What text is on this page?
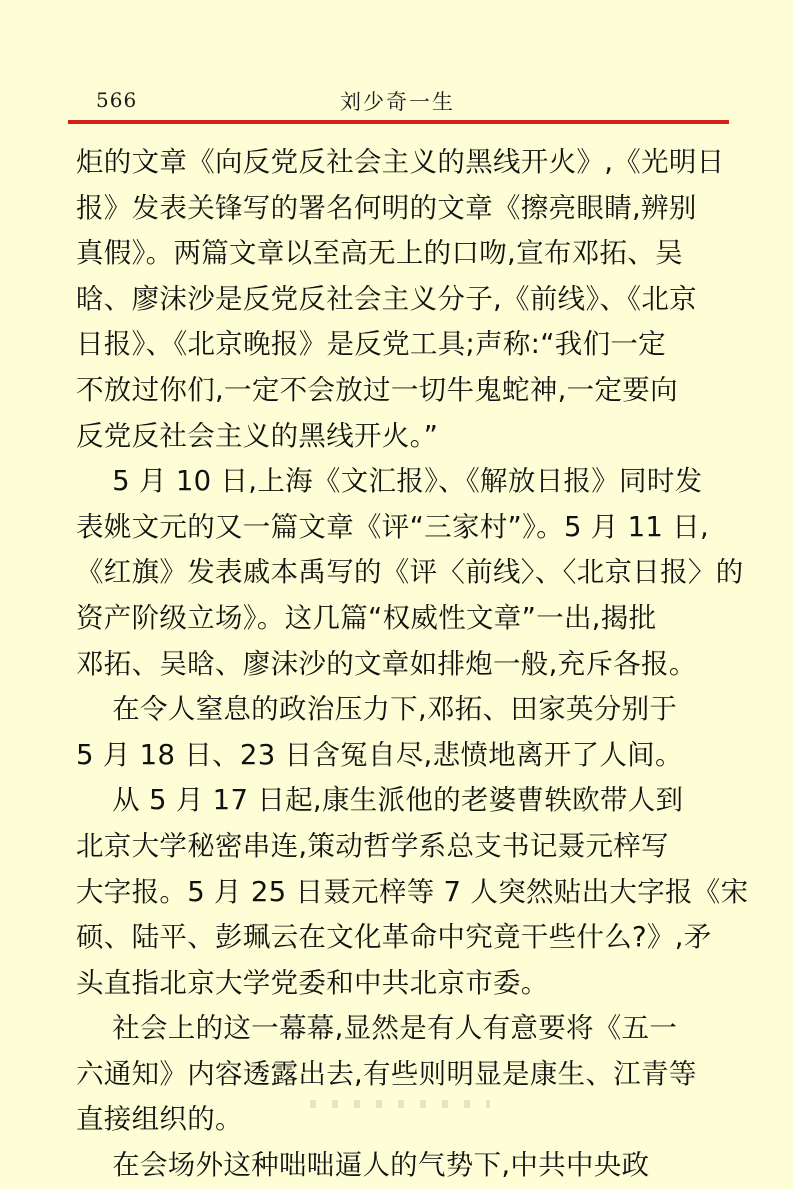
566	刘少奇一生
炬的文章《向反党反社会主义的黑线开火》,《光明日
报》发表关锋写的署名何明的文章《擦亮眼睛,辨别
真假》。两篇文章以至高无上的口吻,宣布邓拓、吴
晗、廖沫沙是反党反社会主义分子,《前线》、《北京
日报》、《北京晚报》是反党工具;声称:“我们一定
不放过你们,一定不会放过一切牛鬼蛇神,一定要向
反党反社会主义的黑线开火。”
5 月 10 日,上海《文汇报》、《解放日报》同时发
表姚文元的又一篇文章《评“三家村”》。5 月 11 日,
《红旗》发表戚本禹写的《评〈前线〉、〈北京日报〉的
资产阶级立场》。这几篇“权威性文章”一出,揭批
邓拓、吴晗、廖沫沙的文章如排炮一般,充斥各报。
在令人窒息的政治压力下,邓拓、田家英分别于
5 月 18 日、23 日含冤自尽,悲愤地离开了人间。
从 5 月 17 日起,康生派他的老婆曹轶欧带人到
北京大学秘密串连,策动哲学系总支书记聂元梓写
大字报。5 月 25 日聂元梓等 7 人突然贴出大字报《宋
硕、陆平、彭珮云在文化革命中究竟干些什么?》,矛
头直指北京大学党委和中共北京市委。
社会上的这一幕幕,显然是有人有意要将《五一
六通知》内容透露出去,有些则明显是康生、江青等
直接组织的。
在会场外这种咄咄逼人的气势下,中共中央政
